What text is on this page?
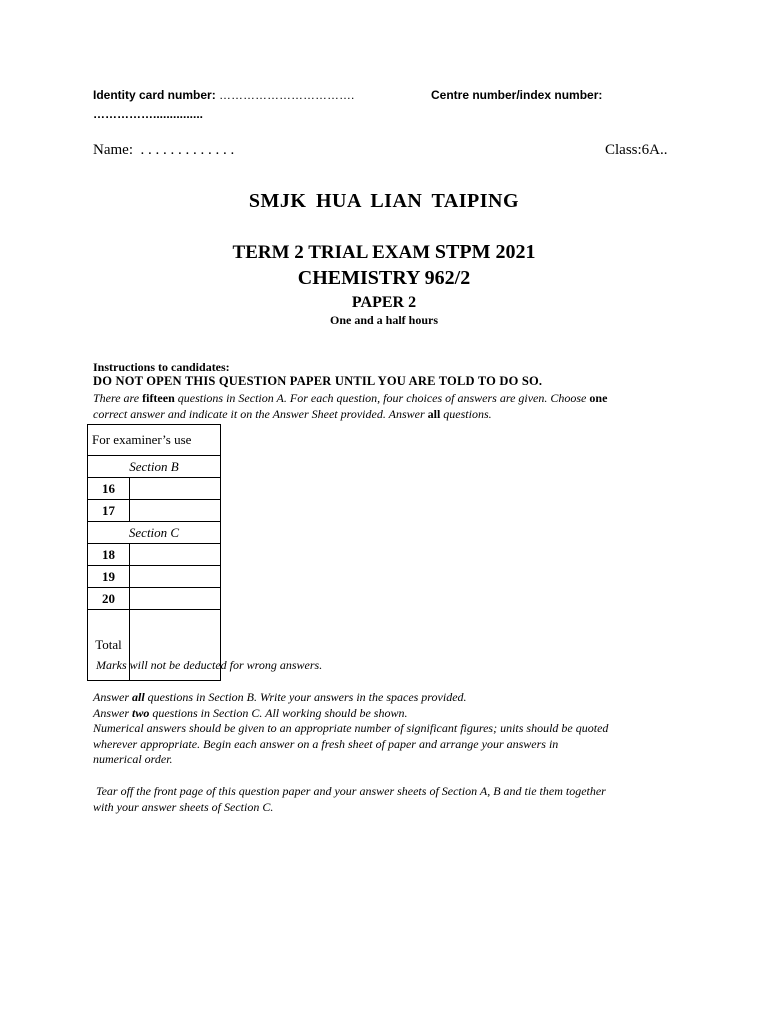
Identity card number: …………………………….	Centre number/index number:
……………...............
Name: . . . . . . . . . . . . .	Class:6A..
SMJK HUA LIAN TAIPING
TERM 2 TRIAL EXAM STPM 2021
CHEMISTRY 962/2
PAPER 2
One and a half hours
Instructions to candidates:
DO NOT OPEN THIS QUESTION PAPER UNTIL YOU ARE TOLD TO DO SO.
There are fifteen questions in Section A. For each question, four choices of answers are given. Choose one
correct answer and indicate it on the Answer Sheet provided. Answer all questions.
For examiner’s use	
Section B	
16	
17	
Section C	
18	
19	
20	
Total	
Marks will not be deducted for wrong answers.
Answer all questions in Section B. Write your answers in the spaces provided.
Answer two questions in Section C. All working should be shown.
Numerical answers should be given to an appropriate number of significant figures; units should be quoted
wherever appropriate. Begin each answer on a fresh sheet of paper and arrange your answers in
numerical order.
Tear off the front page of this question paper and your answer sheets of Section A, B and tie them together
with your answer sheets of Section C.
